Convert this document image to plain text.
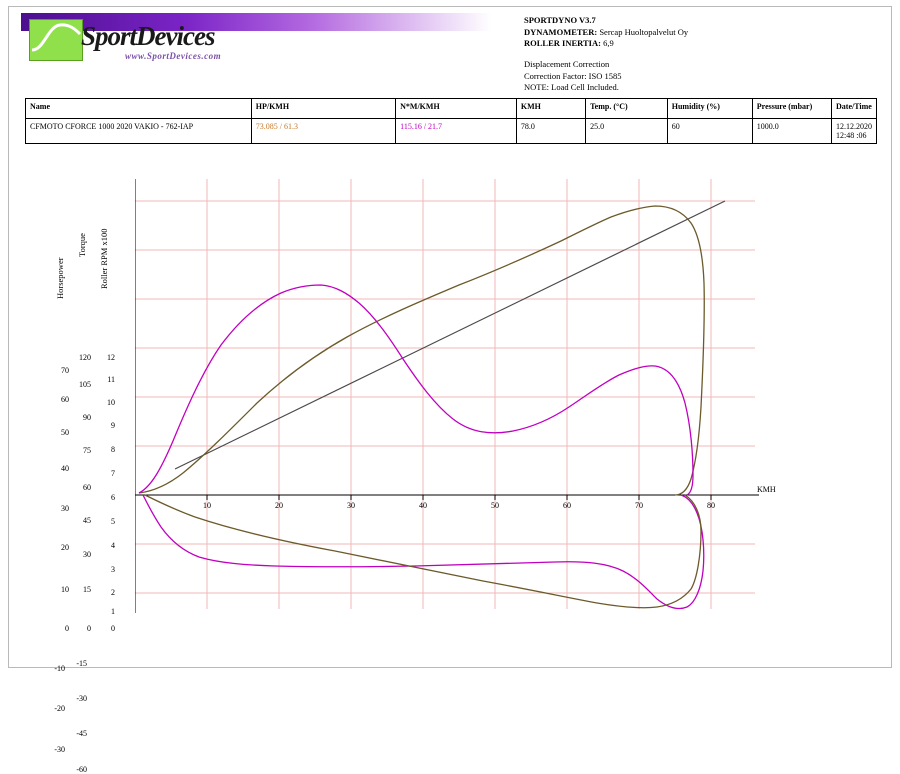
SportDevices
www.SportDevices.com
SPORTDYNO V3.7
DYNAMOMETER: Sercap Huoltopalvelut Oy
ROLLER INERTIA: 6,9
Displacement Correction
Correction Factor: ISO 1585
NOTE: Load Cell Included.
Name	HP/KMH	N*M/KMH	KMH	Temp. (°C)	Humidity (%)	Pressure (mbar)	Date/Time
CFMOTO CFORCE 1000 2020 VAKIO - 762-IAP	73.085 / 61.3	115.16 / 21.7	78.0	25.0	60	1000.0	12.12.2020 12:48 :06
Horsepower
Torque Roller RPM x100
70
60
50
40
30
20
10
0
-10
-20
-30
120
105
90
75
60
45
30
15
0
-15
-30
-45
-60
12
11
10
9
8
7
6
5
4
3
2
1
0
10	20	30	40	50	60	70	80
KMH
